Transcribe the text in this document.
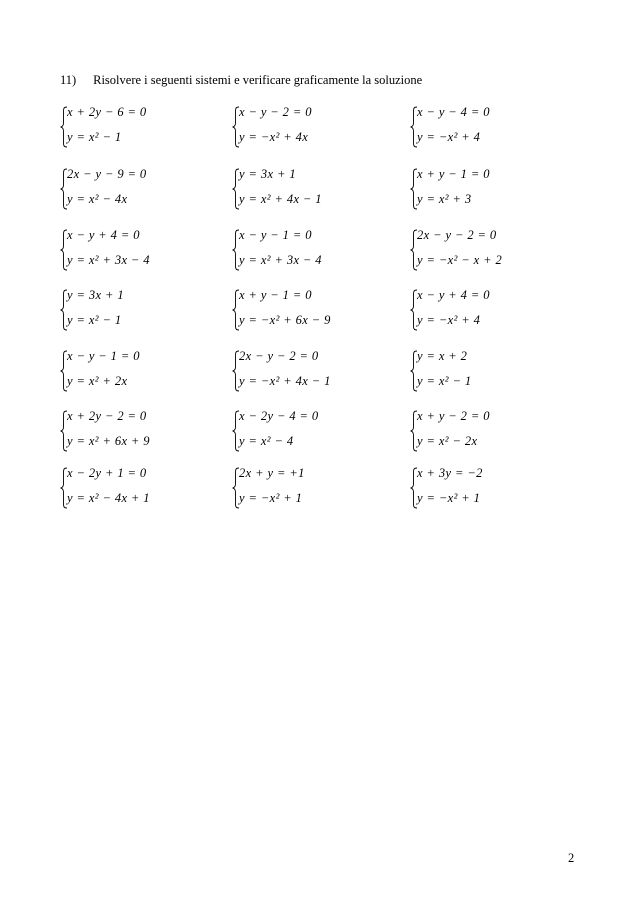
11) Risolvere i seguenti sistemi e verificare graficamente la soluzione
x + 2y − 6 = 0
y = x² − 1
x − y − 2 = 0
y = −x² + 4x
x − y − 4 = 0
y = −x² + 4
2x − y − 9 = 0
y = x² − 4x
y = 3x + 1
y = x² + 4x − 1
x + y − 1 = 0
y = x² + 3
x − y + 4 = 0
y = x² + 3x − 4
x − y − 1 = 0
y = x² + 3x − 4
2x − y − 2 = 0
y = −x² − x + 2
y = 3x + 1
y = x² − 1
x + y − 1 = 0
y = −x² + 6x − 9
x − y + 4 = 0
y = −x² + 4
x − y − 1 = 0
y = x² + 2x
2x − y − 2 = 0
y = −x² + 4x − 1
y = x + 2
y = x² − 1
x + 2y − 2 = 0
y = x² + 6x + 9
x − 2y − 4 = 0
y = x² − 4
x + y − 2 = 0
y = x² − 2x
x − 2y + 1 = 0
y = x² − 4x + 1
2x + y = +1
y = −x² + 1
x + 3y = −2
y = −x² + 1
2
